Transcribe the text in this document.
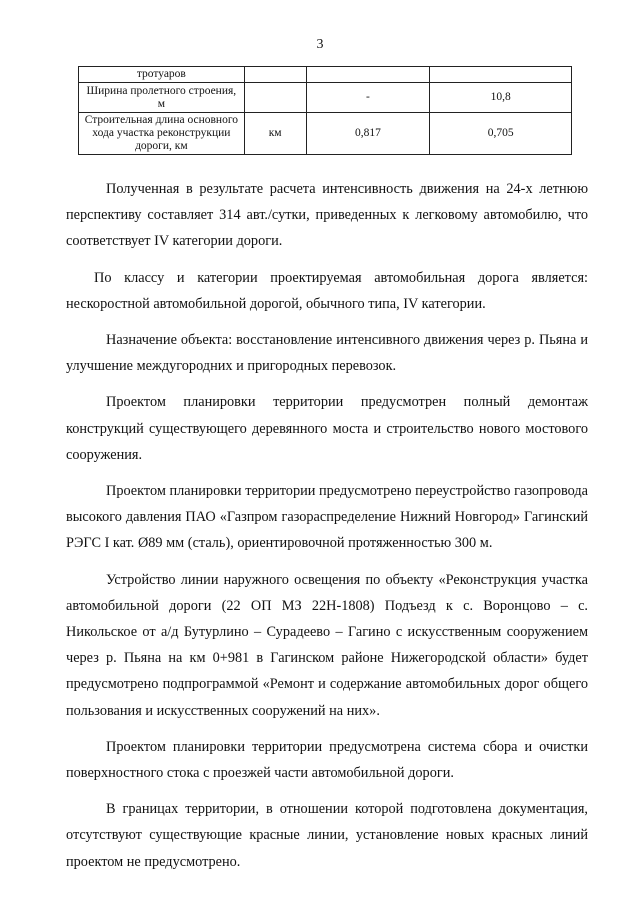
3
тротуаров			
Ширина пролетного строения, м		-	10,8
Строительная длина основного хода участка реконструкции дороги, км	км	0,817	0,705

Полученная в результате расчета интенсивность движения на 24-х летнюю перспективу составляет 314 авт./сутки, приведенных к легковому автомобилю, что соответствует IV категории дороги.

По классу и категории проектируемая автомобильная дорога является: нескоростной автомобильной дорогой, обычного типа, IV категории.

Назначение объекта: восстановление интенсивного движения через р. Пьяна и улучшение междугородних и пригородных перевозок.

Проектом планировки территории предусмотрен полный демонтаж конструкций существующего деревянного моста и строительство нового мостового сооружения.

Проектом планировки территории предусмотрено переустройство газопровода высокого давления ПАО «Газпром газораспределение Нижний Новгород» Гагинский РЭГС I кат. Ø89 мм (сталь), ориентировочной протяженностью 300 м.

Устройство линии наружного освещения по объекту «Реконструкция участка автомобильной дороги (22 ОП МЗ 22Н-1808) Подъезд к с. Воронцово – с. Никольское от а/д Бутурлино – Сурадеево – Гагино с искусственным сооружением через р. Пьяна на км 0+981 в Гагинском районе Нижегородской области» будет предусмотрено подпрограммой «Ремонт и содержание автомобильных дорог общего пользования и искусственных сооружений на них».

Проектом планировки территории предусмотрена система сбора и очистки поверхностного стока с проезжей части автомобильной дороги.

В границах территории, в отношении которой подготовлена документация, отсутствуют существующие красные линии, установление новых красных линий проектом не предусмотрено.
